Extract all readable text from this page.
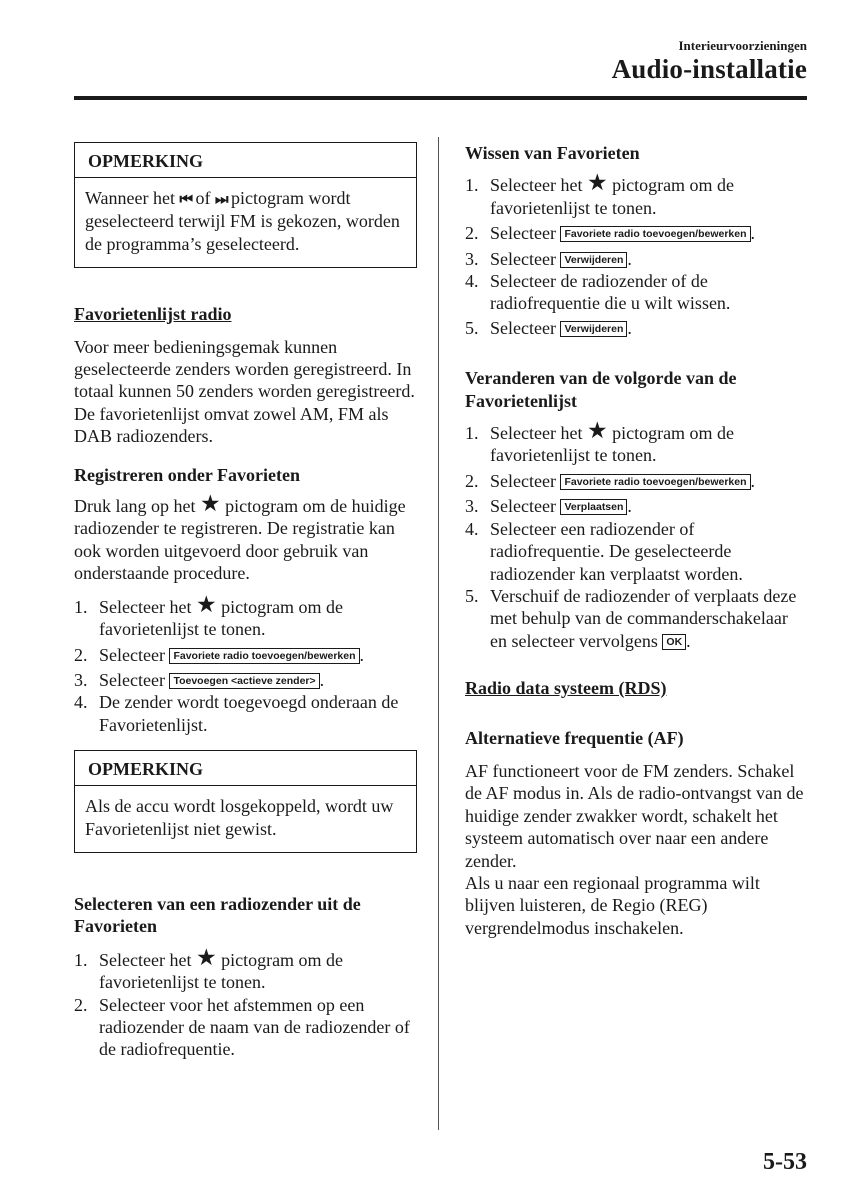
Interieurvoorzieningen
Audio-installatie
OPMERKING
Wanneer het ⏮ of ⏭ pictogram wordt geselecteerd terwijl FM is gekozen, worden de programma’s geselecteerd.
Favorietenlijst radio

Voor meer bedieningsgemak kunnen geselecteerde zenders worden geregistreerd. In totaal kunnen 50 zenders worden geregistreerd. De favorietenlijst omvat zowel AM, FM als DAB radiozenders.

Registreren onder Favorieten

Druk lang op het ★ pictogram om de huidige radiozender te registreren. De registratie kan ook worden uitgevoerd door gebruik van onderstaande procedure.

1. Selecteer het ★ pictogram om de favorietenlijst te tonen.
2. Selecteer Favoriete radio toevoegen/bewerken .
3. Selecteer Toevoegen <actieve zender> .
4. De zender wordt toegevoegd onderaan de Favorietenlijst.
OPMERKING
Als de accu wordt losgekoppeld, wordt uw Favorietenlijst niet gewist.
Selecteren van een radiozender uit de Favorieten
1. Selecteer het ★ pictogram om de favorietenlijst te tonen.
2. Selecteer voor het afstemmen op een radiozender de naam van de radiozender of de radiofrequentie.
Wissen van Favorieten
1. Selecteer het ★ pictogram om de favorietenlijst te tonen.
2. Selecteer Favoriete radio toevoegen/bewerken .
3. Selecteer Verwijderen .
4. Selecteer de radiozender of de radiofrequentie die u wilt wissen.
5. Selecteer Verwijderen .
Veranderen van de volgorde van de Favorietenlijst
1. Selecteer het ★ pictogram om de favorietenlijst te tonen.
2. Selecteer Favoriete radio toevoegen/bewerken .
3. Selecteer Verplaatsen .
4. Selecteer een radiozender of radiofrequentie. De geselecteerde radiozender kan verplaatst worden.
5. Verschuif de radiozender of verplaats deze met behulp van de commanderschakelaar en selecteer vervolgens OK .
Radio data systeem (RDS)
Alternatieve frequentie (AF)

AF functioneert voor de FM zenders. Schakel de AF modus in. Als de radio-ontvangst van de huidige zender zwakker wordt, schakelt het systeem automatisch over naar een andere zender.

Als u naar een regionaal programma wilt blijven luisteren, de Regio (REG) vergrendelmodus inschakelen.

5-53
